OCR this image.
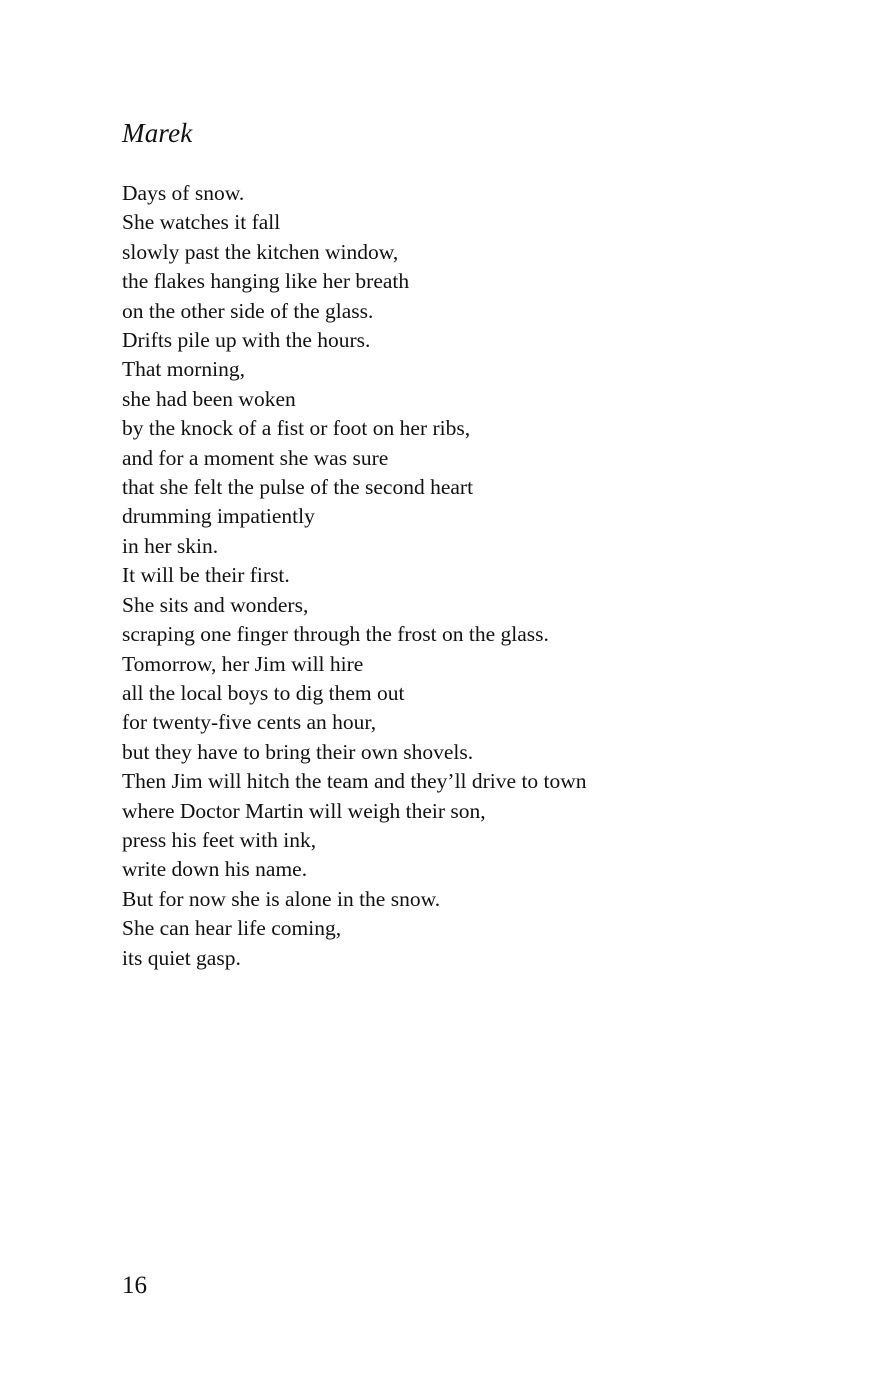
Marek
Days of snow.
She watches it fall
slowly past the kitchen window,
the flakes hanging like her breath
on the other side of the glass.
Drifts pile up with the hours.
That morning,
she had been woken
by the knock of a fist or foot on her ribs,
and for a moment she was sure
that she felt the pulse of the second heart
drumming impatiently
in her skin.
It will be their first.
She sits and wonders,
scraping one finger through the frost on the glass.
Tomorrow, her Jim will hire
all the local boys to dig them out
for twenty-five cents an hour,
but they have to bring their own shovels.
Then Jim will hitch the team and they’ll drive to town
where Doctor Martin will weigh their son,
press his feet with ink,
write down his name.
But for now she is alone in the snow.
She can hear life coming,
its quiet gasp.
16
